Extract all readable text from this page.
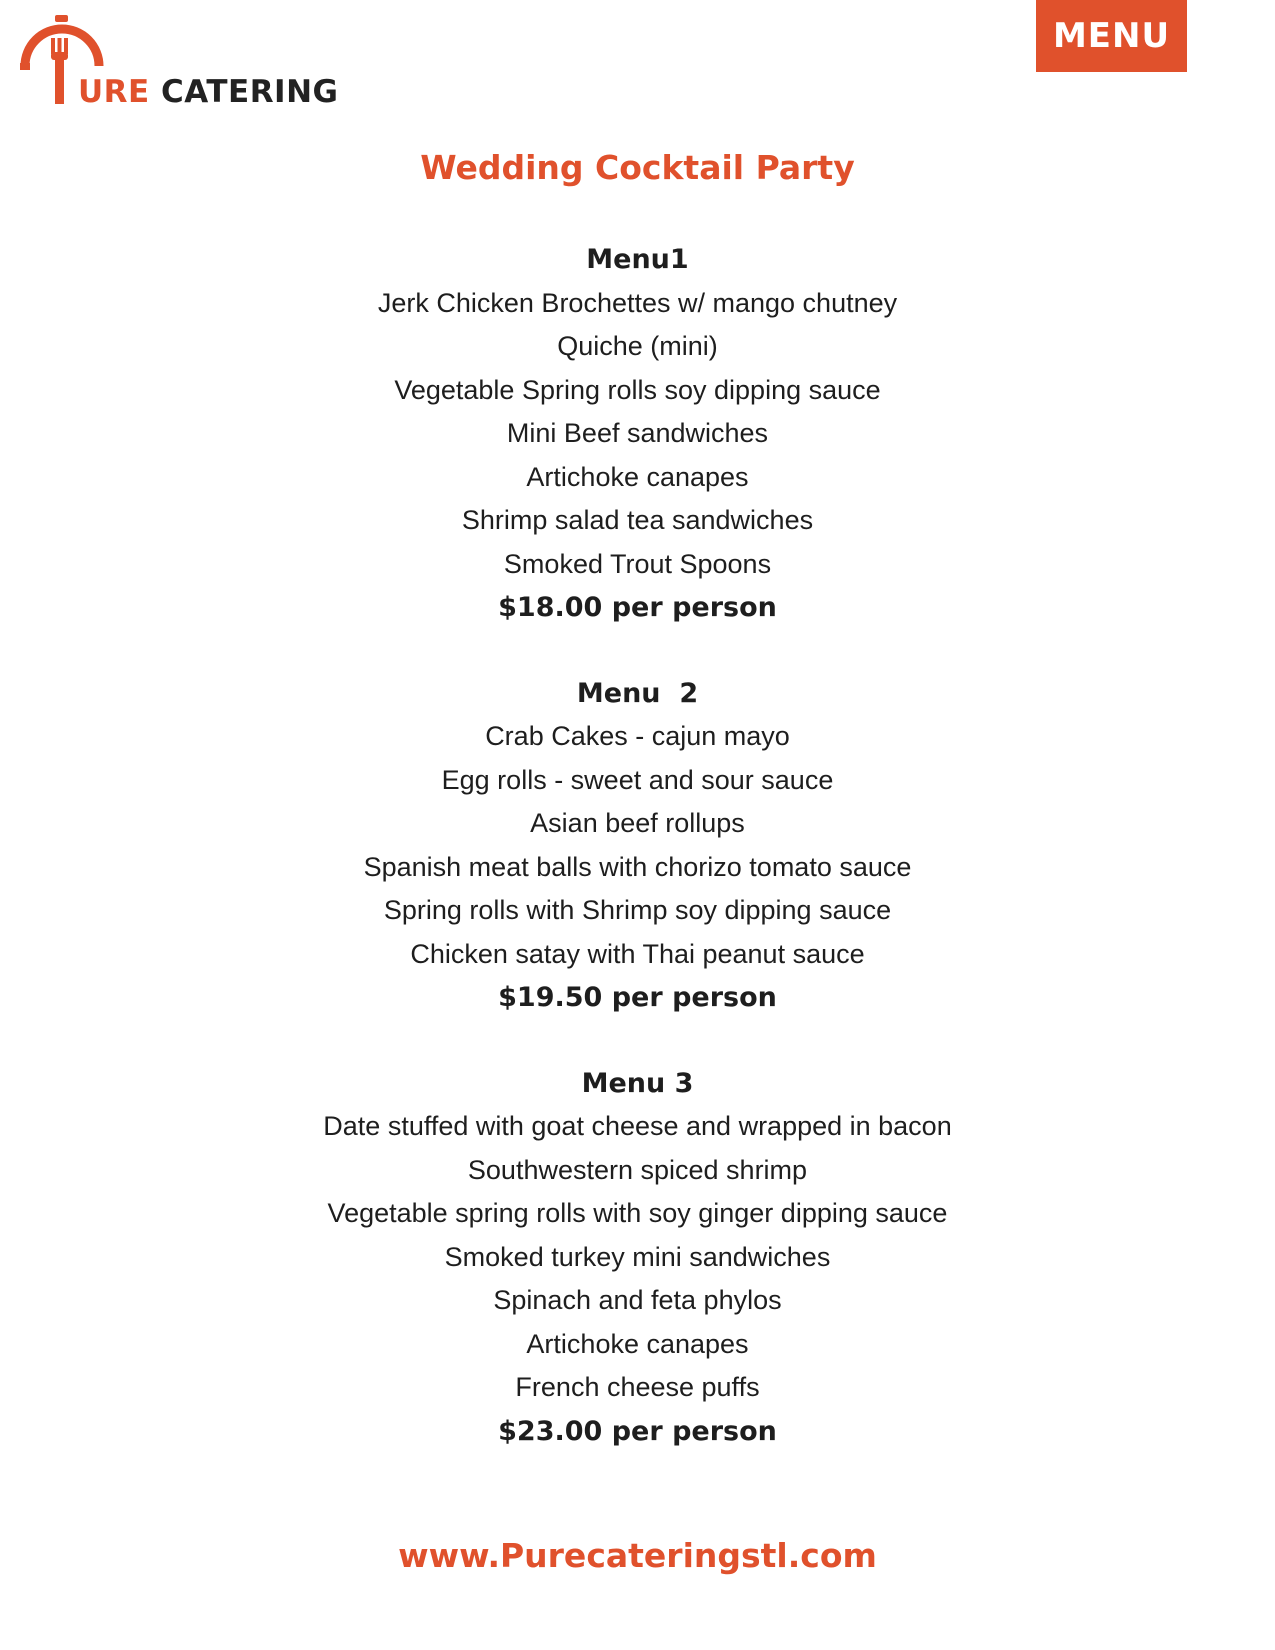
URE CATERING
MENU
Wedding Cocktail Party
Menu1
Jerk Chicken Brochettes w/ mango chutney
Quiche (mini)
Vegetable Spring rolls soy dipping sauce
Mini Beef sandwiches
Artichoke canapes
Shrimp salad tea sandwiches
Smoked Trout Spoons
$18.00 per person
Menu  2
Crab Cakes - cajun mayo
Egg rolls - sweet and sour sauce
Asian beef rollups
Spanish meat balls with chorizo tomato sauce
Spring rolls with Shrimp soy dipping sauce
Chicken satay with Thai peanut sauce
$19.50 per person
Menu 3
Date stuffed with goat cheese and wrapped in bacon
Southwestern spiced shrimp
Vegetable spring rolls with soy ginger dipping sauce
Smoked turkey mini sandwiches
Spinach and feta phylos
Artichoke canapes
French cheese puffs
$23.00 per person
www.Purecateringstl.com
